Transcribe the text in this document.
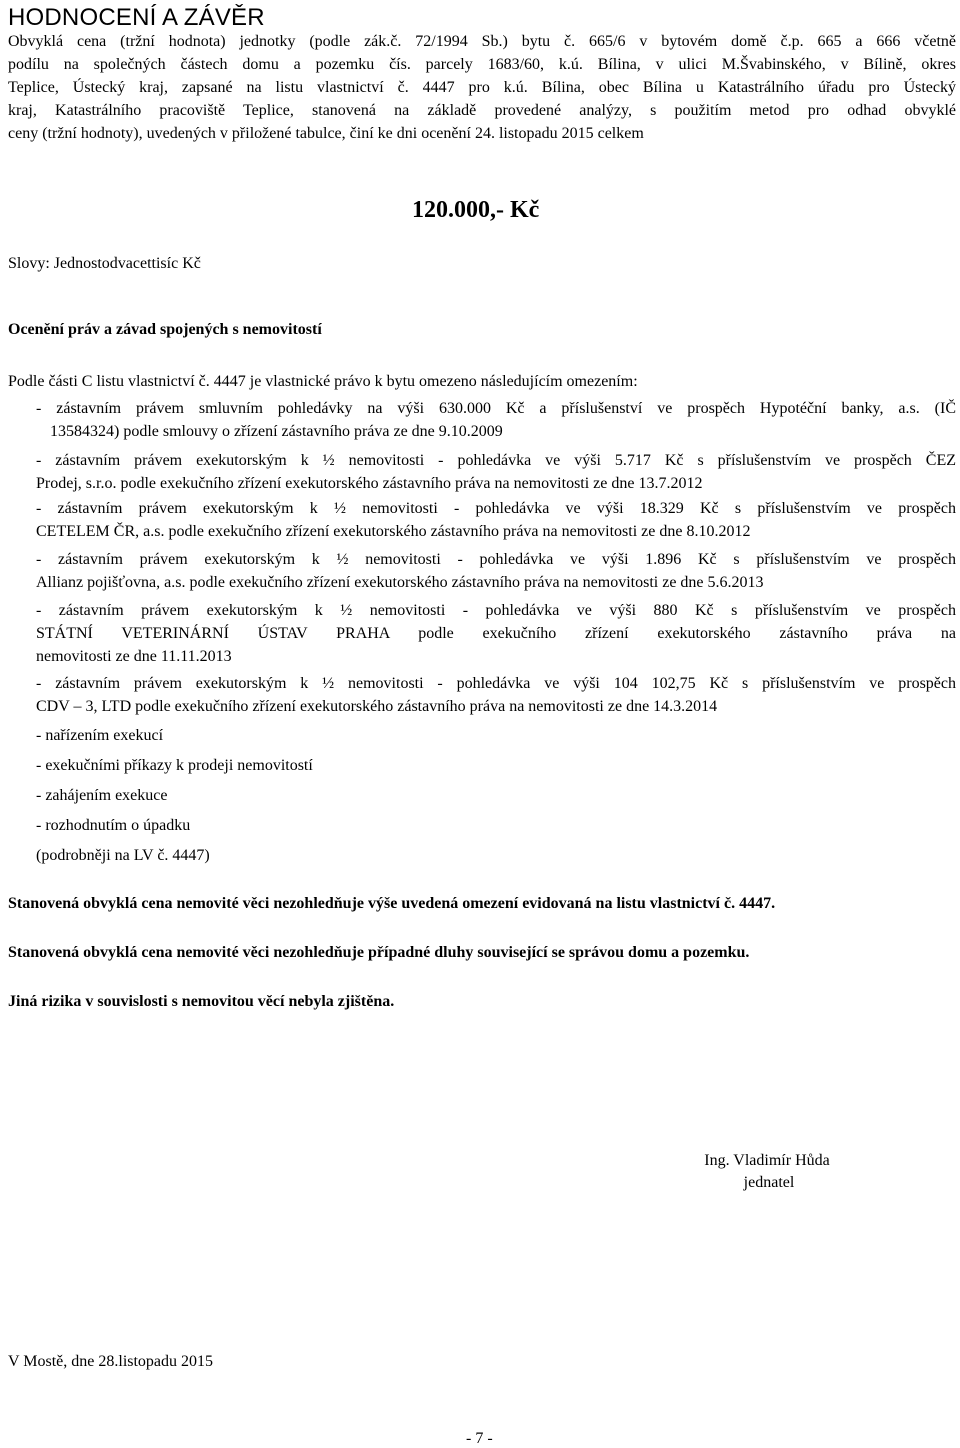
HODNOCENÍ A ZÁVĚR
Obvyklá cena (tržní hodnota) jednotky (podle zák.č. 72/1994 Sb.) bytu č. 665/6 v bytovém domě č.p. 665 a 666 včetně
podílu na společných částech domu a pozemku čís. parcely 1683/60, k.ú. Bílina, v ulici M.Švabinského, v Bílině, okres
Teplice, Ústecký kraj, zapsané na listu vlastnictví č. 4447 pro k.ú. Bílina, obec Bílina u Katastrálního úřadu pro Ústecký
kraj, Katastrálního pracoviště Teplice, stanovená na základě provedené analýzy, s použitím metod pro odhad obvyklé
ceny (tržní hodnoty), uvedených v přiložené tabulce, činí ke dni ocenění 24. listopadu 2015 celkem
120.000,- Kč
Slovy: Jednostodvacettisíc Kč
Ocenění práv a závad spojených s nemovitostí
Podle části C listu vlastnictví č. 4447 je vlastnické právo k bytu omezeno následujícím omezením:
- zástavním právem smluvním pohledávky na výši 630.000 Kč a příslušenství ve prospěch Hypotéční banky, a.s. (IČ
13584324) podle smlouvy o zřízení zástavního práva ze dne 9.10.2009
- zástavním právem exekutorským k ½ nemovitosti - pohledávka ve výši 5.717 Kč s příslušenstvím ve prospěch ČEZ
Prodej, s.r.o. podle exekučního zřízení exekutorského zástavního práva na nemovitosti ze dne 13.7.2012
- zástavním právem exekutorským k ½ nemovitosti - pohledávka ve výši 18.329 Kč s příslušenstvím ve prospěch
CETELEM ČR, a.s. podle exekučního zřízení exekutorského zástavního práva na nemovitosti ze dne 8.10.2012
- zástavním právem exekutorským k ½ nemovitosti - pohledávka ve výši 1.896 Kč s příslušenstvím ve prospěch
Allianz pojišťovna, a.s. podle exekučního zřízení exekutorského zástavního práva na nemovitosti ze dne 5.6.2013
- zástavním právem exekutorským k ½ nemovitosti - pohledávka ve výši 880 Kč s příslušenstvím ve prospěch
STÁTNÍ VETERINÁRNÍ ÚSTAV PRAHA podle exekučního zřízení exekutorského zástavního práva na
nemovitosti ze dne 11.11.2013
- zástavním právem exekutorským k ½ nemovitosti - pohledávka ve výši 104 102,75 Kč s příslušenstvím ve prospěch
CDV – 3, LTD podle exekučního zřízení exekutorského zástavního práva na nemovitosti ze dne 14.3.2014
- nařízením exekucí
- exekučními příkazy k prodeji nemovitostí
- zahájením exekuce
- rozhodnutím o úpadku
(podrobněji na LV č. 4447)
Stanovená obvyklá cena nemovité věci nezohledňuje výše uvedená omezení evidovaná na listu vlastnictví č. 4447.
Stanovená obvyklá cena nemovité věci nezohledňuje případné dluhy související se správou domu a pozemku.
Jiná rizika v souvislosti s nemovitou věcí nebyla zjištěna.
Ing. Vladimír Hůda
jednatel
V Mostě, dne 28.listopadu 2015
- 7 -
